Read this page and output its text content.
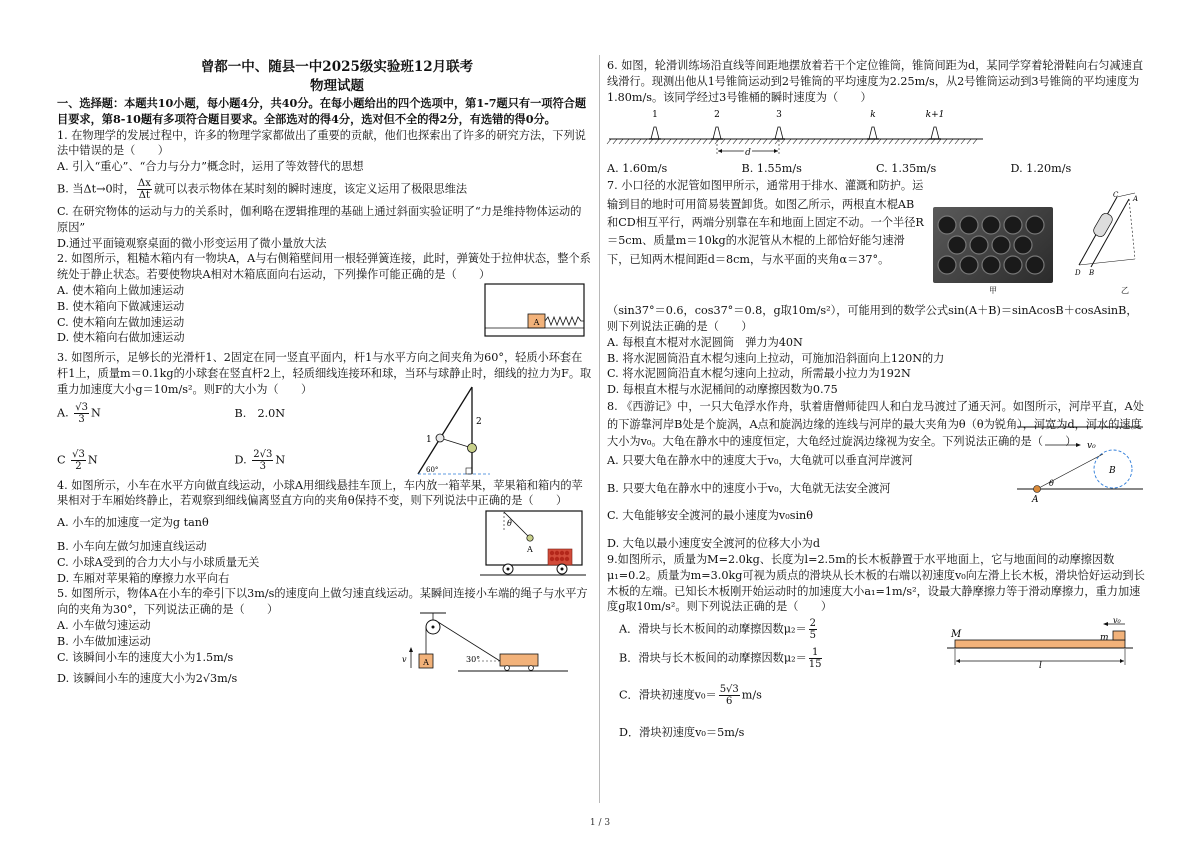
曾都一中、随县一中2025级实验班12月联考
物理试题

一、选择题：本题共10小题，每小题4分，共40分。在每小题给出的四个选项中，第1-7题只有一项符合题目要求，第8-10题有多项符合题目要求。全部选对的得4分，选对但不全的得2分，有选错的得0分。

1. 在物理学的发展过程中，许多的物理学家都做出了重要的贡献，他们也探索出了许多的研究方法，下列说法中错误的是（　　）

A. 引入“重心”、“合力与分力”概念时，运用了等效替代的思想

B. 当Δt→0时， $\frac{\Delta x}{\Delta t}$ 就可以表示物体在某时刻的瞬时速度，该定义运用了极限思维法

C. 在研究物体的运动与力的关系时，伽利略在逻辑推理的基础上通过斜面实验证明了“力是维持物体运动的原因”

D.通过平面镜观察桌面的微小形变运用了微小量放大法

2. 如图所示，粗糙木箱内有一物块A，A与右侧箱壁间用一根轻弹簧连接，此时，弹簧处于拉伸状态，整个系统处于静止状态。若要使物块A相对木箱底面向右运动，下列操作可能正确的是（　　）

A. 使木箱向上做加速运动

B. 使木箱向下做减速运动

C. 使木箱向左做加速运动

D. 使木箱向右做加速运动

A

3. 如图所示，足够长的光滑杆1、2固定在同一竖直平面内，杆1与水平方向之间夹角为60°，轻质小环套在杆1上，质量m＝0.1kg的小球套在竖直杆2上，轻质细线连接环和球，当环与球静止时，细线的拉力为F。取重力加速度大小g＝10m/s²。则F的大小为（　　）

A. $\frac{√3}{3}$ N	B.　2.0N
C $\frac{√3}{2}$ N	D. $\frac{2√3}{3}$ N
1
2
60°

4. 如图所示，小车在水平方向做直线运动，小球A用细线悬挂车顶上，车内放一箱苹果，苹果箱和箱内的苹果相对于车厢始终静止，若观察到细线偏离竖直方向的夹角θ保持不变，则下列说法中正确的是（　　）

A. 小车的加速度一定为g tanθ

B. 小车向左做匀加速直线运动

C. 小球A受到的合力大小与小球质量无关

D. 车厢对苹果箱的摩擦力水平向右

θ
A

5. 如图所示，物体A在小车的牵引下以3m/s的速度向上做匀速直线运动。某瞬间连接小车端的绳子与水平方向的夹角为30°，下列说法正确的是（　　）

A. 小车做匀速运动

B. 小车做加速运动

C. 该瞬间小车的速度大小为1.5m/s

D. 该瞬间小车的速度大小为2√3m/s

A
v	30°

6. 如图，轮滑训练场沿直线等间距地摆放着若干个定位锥筒，锥筒间距为d，某同学穿着轮滑鞋向右匀减速直线滑行。现测出他从1号锥筒运动到2号锥筒的平均速度为2.25m/s，从2号锥筒运动到3号锥筒的平均速度为1.80m/s。该同学经过3号锥桶的瞬时速度为（　　）

1	2	3	k	k+1
d
A. 1.60m/s	B. 1.55m/s	C. 1.35m/s	D. 1.20m/s

7. 小口径的水泥管如图甲所示，通常用于排水、灌溉和防护。运输到目的地时可用简易装置卸货。如图乙所示，两根直木棍AB和CD相互平行，两端分别靠在车和地面上固定不动。一个半径R＝5cm、质量m＝10kg的水泥管从木棍的上部恰好能匀速滑下，已知两木棍间距d＝8cm，与水平面的夹角α＝37°。

甲
C A
D B
乙

（sin37°＝0.6，cos37°＝0.8，g取10m/s²），可能用到的数学公式sin(A＋B)＝sinAcosB＋cosAsinB，则下列说法正确的是（　　）

A. 每根直木棍对水泥圆筒　弹力为40N

B. 将水泥圆筒沿直木棍匀速向上拉动，可施加沿斜面向上120N的力

C. 将水泥圆筒沿直木棍匀速向上拉动，所需最小拉力为192N

D. 每根直木棍与水泥桶间的动摩擦因数为0.75

8. 《西游记》中，一只大龟浮水作舟，驮着唐僧师徒四人和白龙马渡过了通天河。如图所示，河岸平直，A处的下游靠河岸B处是个旋涡，A点和旋涡边缘的连线与河岸的最大夹角为θ（θ为锐角），河宽为d，河水的速度大小为v₀。大龟在静水中的速度恒定，大龟经过旋涡边缘视为安全。下列说法正确的是（　　）

A. 只要大龟在静水中的速度大于v₀，大龟就可以垂直河岸渡河

B. 只要大龟在静水中的速度小于v₀，大龟就无法安全渡河

C. 大龟能够安全渡河的最小速度为v₀sinθ

D. 大龟以最小速度安全渡河的位移大小为d

v₀
B
A
θ

9.如图所示，质量为M=2.0kg、长度为l=2.5m的长木板静置于水平地面上，它与地面间的动摩擦因数μ₁=0.2。质量为m=3.0kg可视为质点的滑块从长木板的右端以初速度v₀向左滑上长木板，滑块恰好运动到长木板的左端。已知长木板刚开始运动时的加速度大小a₁=1m/s²，设最大静摩擦力等于滑动摩擦力，重力加速度g取10m/s²。则下列说法正确的是（　　）

A．滑块与长木板间的动摩擦因数$\mu_2= \frac{2}{5}$

B．滑块与长木板间的动摩擦因数$\mu_2= \frac{1}{15}$

C．滑块初速度$v_0= \frac{5√3}{6} m/s$

D．滑块初速度v₀＝5m/s

M	m
v₀
l
1 / 3
